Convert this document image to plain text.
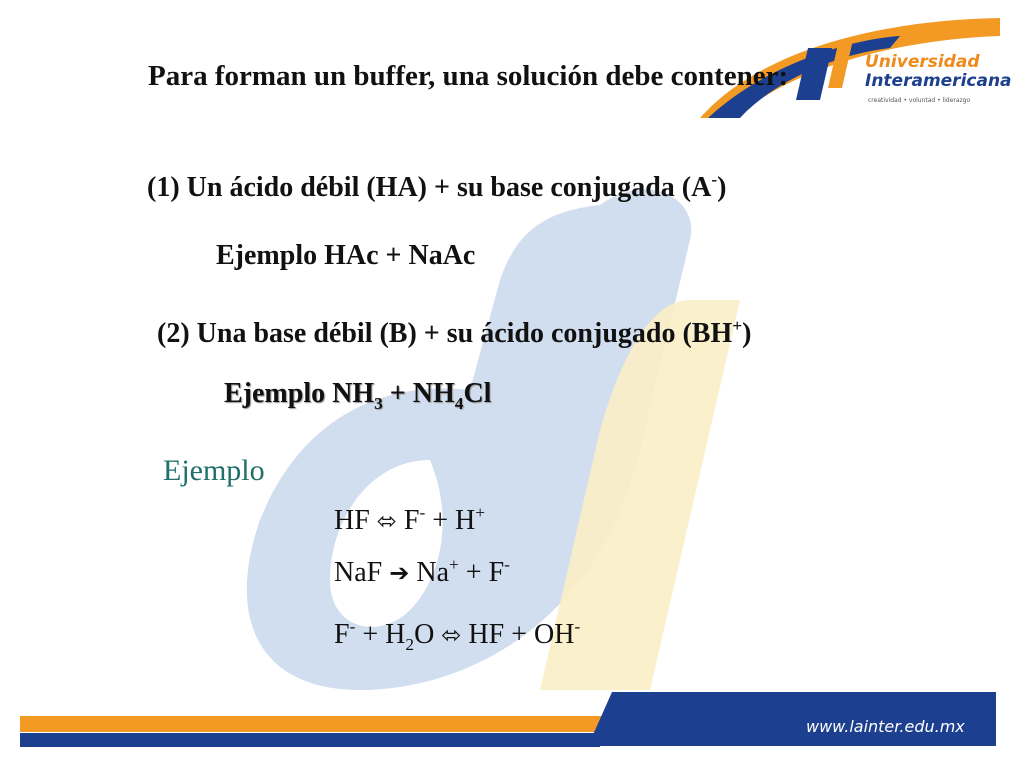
Universidad
Interamericana
creatividad • voluntad • liderazgo
Para forman un buffer, una solución debe contener:
(1) Un ácido débil (HA) + su base conjugada (A-)
Ejemplo HAc + NaAc
(2) Una base débil (B) + su ácido conjugado (BH+)
Ejemplo $NH_3 + NH_4Cl$
Ejemplo
HF ⬄ F- + H+
NaF ➔ Na+ + F-
$F^- + H_2O$ ⬄ HF + OH-
www.lainter.edu.mx
